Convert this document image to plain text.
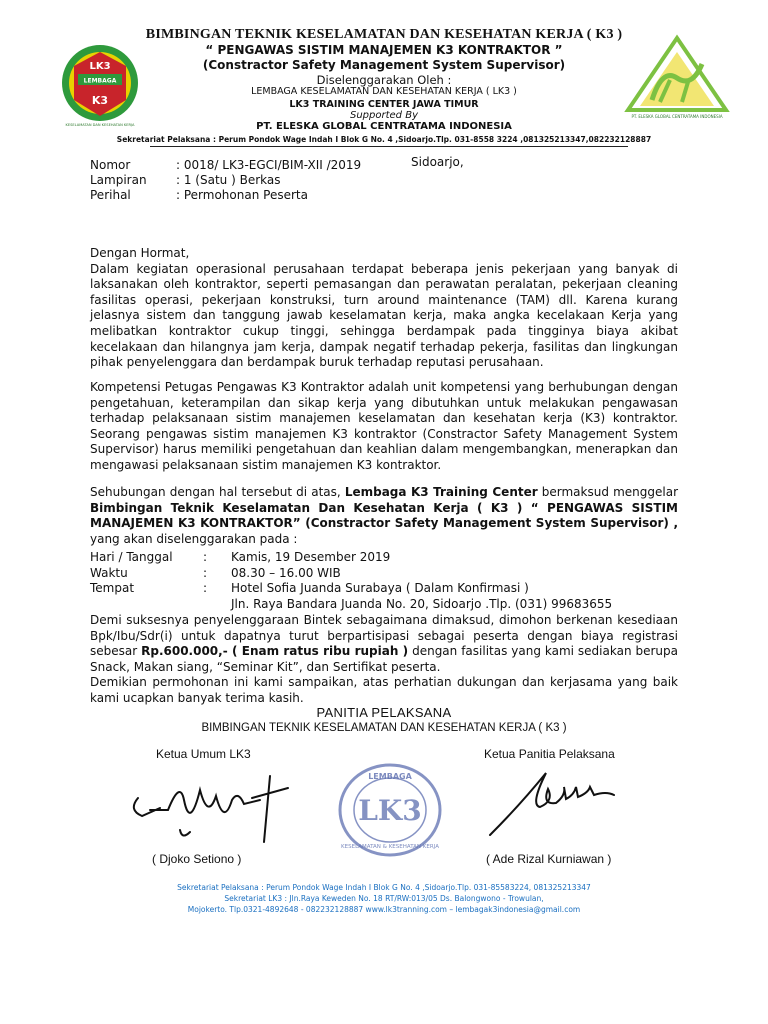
LK3
LEMBAGA
K3
KESELAMATAN DAN KESEHATAN KERJA
PT. ELESKA GLOBAL CENTRATAMA INDONESIA
BIMBINGAN TEKNIK KESELAMATAN DAN KESEHATAN KERJA ( K3 )
“ PENGAWAS SISTIM MANAJEMEN K3 KONTRAKTOR ”
(Constractor Safety Management System Supervisor)
Diselenggarakan Oleh :
LEMBAGA KESELAMATAN DAN KESEHATAN KERJA ( LK3 )
LK3 TRAINING CENTER JAWA TIMUR
Supported By
PT. ELESKA GLOBAL CENTRATAMA INDONESIA
Sekretariat Pelaksana : Perum Pondok Wage Indah I Blok G No. 4 ,Sidoarjo.Tlp. 031-8558 3224 ,081325213347,082232128887
Nomor	: 0018/ LK3-EGCI/BIM-XII /2019	Sidoarjo,
Lampiran : 1 (Satu ) Berkas
Perihal	: Permohonan Peserta

Dengan Hormat,

Dalam kegiatan operasional perusahaan terdapat beberapa jenis pekerjaan yang banyak di laksanakan oleh kontraktor, seperti pemasangan dan perawatan peralatan, pekerjaan cleaning fasilitas operasi, pekerjaan konstruksi, turn around maintenance (TAM) dll. Karena kurang jelasnya sistem dan tanggung jawab keselamatan kerja, maka angka kecelakaan Kerja yang melibatkan kontraktor cukup tinggi, sehingga berdampak pada tingginya biaya akibat kecelakaan dan hilangnya jam kerja, dampak negatif terhadap pekerja, fasilitas dan lingkungan pihak penyelenggara dan berdampak buruk terhadap reputasi perusahaan.

Kompetensi Petugas Pengawas K3 Kontraktor adalah unit kompetensi yang berhubungan dengan pengetahuan, keterampilan dan sikap kerja yang dibutuhkan untuk melakukan pengawasan terhadap pelaksanaan sistim manajemen keselamatan dan kesehatan kerja (K3) kontraktor. Seorang pengawas sistim manajemen K3 kontraktor (Constractor Safety Management System Supervisor) harus memiliki pengetahuan dan keahlian dalam mengembangkan, menerapkan dan mengawasi pelaksanaan sistim manajemen K3 kontraktor.

Sehubungan dengan hal tersebut di atas, Lembaga K3 Training Center bermaksud menggelar Bimbingan Teknik Keselamatan Dan Kesehatan Kerja ( K3 ) “ PENGAWAS SISTIM MANAJEMEN K3 KONTRAKTOR” (Constractor Safety Management System Supervisor) , yang akan diselenggarakan pada :

Hari / Tanggal	: Kamis, 19 Desember 2019
Waktu	: 08.30 – 16.00 WIB
Tempat	: Hotel Sofia Juanda Surabaya ( Dalam Konfirmasi )
Jln. Raya Bandara Juanda No. 20, Sidoarjo .Tlp. (031) 99683655

Demi suksesnya penyelenggaraan Bintek sebagaimana dimaksud, dimohon berkenan kesediaan Bpk/Ibu/Sdr(i) untuk dapatnya turut berpartisipasi sebagai peserta dengan biaya registrasi sebesar Rp.600.000,- ( Enam ratus ribu rupiah ) dengan fasilitas yang kami sediakan berupa Snack, Makan siang, “Seminar Kit”, dan Sertifikat peserta.

Demikian permohonan ini kami sampaikan, atas perhatian dukungan dan kerjasama yang baik kami ucapkan banyak terima kasih.

PANITIA PELAKSANA
BIMBINGAN TEKNIK KESELAMATAN DAN KESEHATAN KERJA ( K3 )
Ketua Umum LK3	Ketua Panitia Pelaksana
LEMBAGA
LK3
KESELAMATAN & KESEHATAN KERJA
( Djoko Setiono )	( Ade Rizal Kurniawan )
Sekretariat Pelaksana : Perum Pondok Wage Indah I Blok G No. 4 ,Sidoarjo.Tlp. 031-85583224, 081325213347
Sekretariat LK3 : Jln.Raya Keweden No. 18 RT/RW:013/05 Ds. Balongwono - Trowulan,
Mojokerto. Tlp.0321-4892648 - 082232128887 www.lk3tranning.com – lembagak3indonesia@gmail.com
